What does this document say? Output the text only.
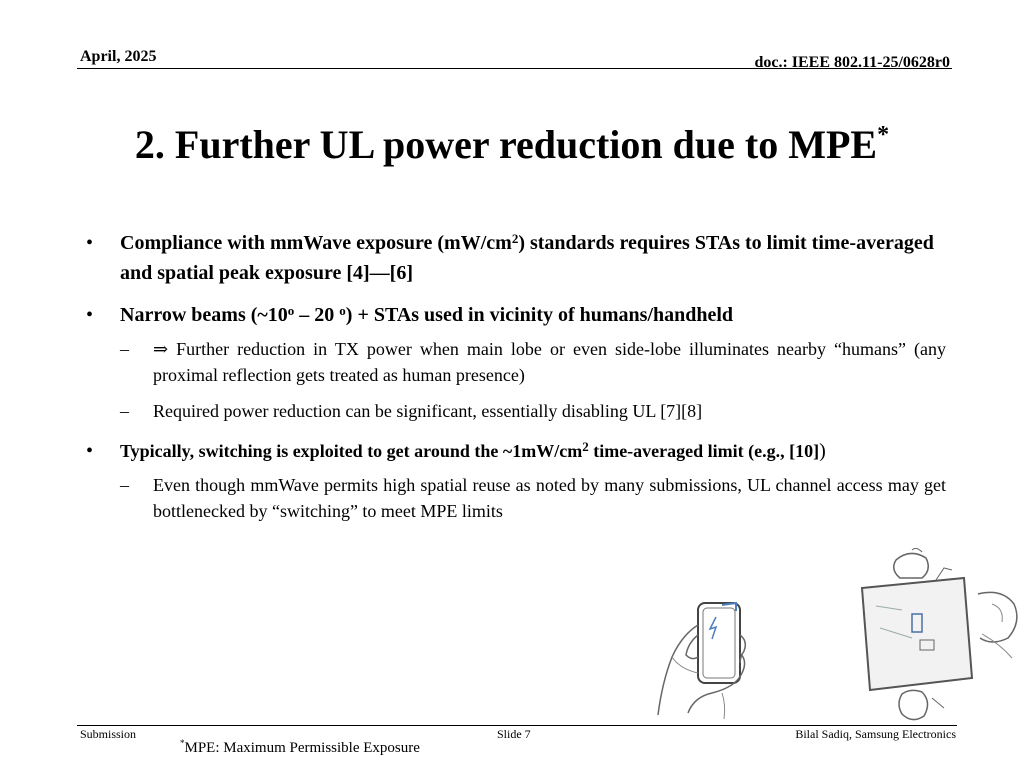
April, 2025	doc.: IEEE 802.11-25/0628r0
2. Further UL power reduction due to MPE*
• Compliance with mmWave exposure $(mW/cm^2)$ standards requires STAs to limit time-averaged and spatial peak exposure [4]—[6]
• Narrow beams (~10$^o$ – 20 $^o$) + STAs used in vicinity of humans/handheld
– ⇒ Further reduction in TX power when main lobe or even side-lobe illuminates nearby “humans” (any proximal reflection gets treated as human presence)
– Required power reduction can be significant, essentially disabling UL [7][8]
• Typically, switching is exploited to get around the $\sim 1mW/cm^2$ time-averaged limit (e.g., [10])
– Even though mmWave permits high spatial reuse as noted by many submissions, UL channel access may get bottlenecked by “switching” to meet MPE limits
Submission	Slide 7	Bilal Sadiq, Samsung Electronics
*MPE: Maximum Permissible Exposure
